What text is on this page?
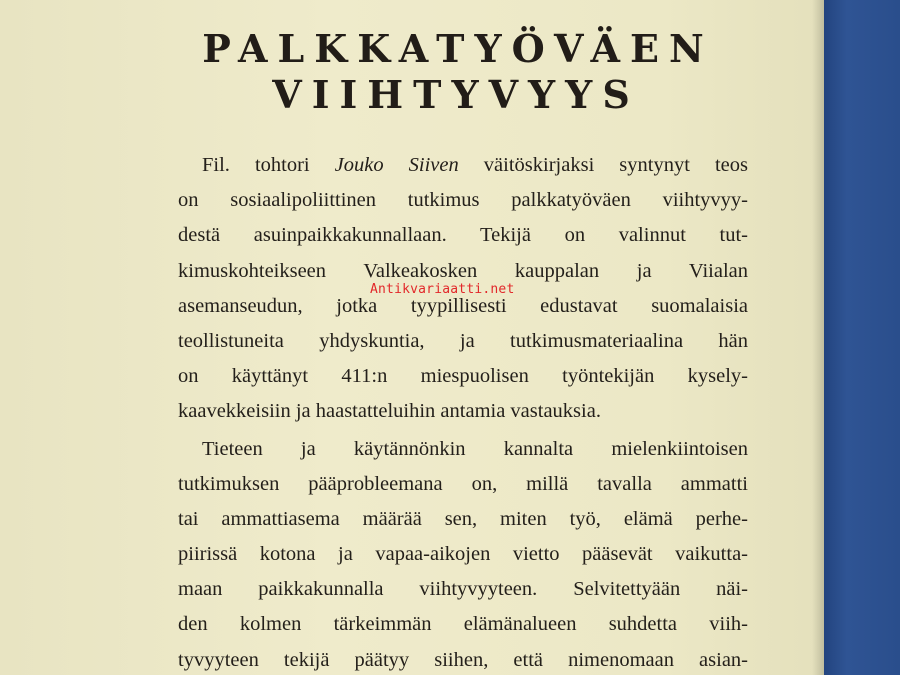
PALKKATYÖVÄEN
VIIHTYVYYS
Fil. tohtori Jouko Siiven väitöskirjaksi syntynyt teos
on sosiaalipoliittinen tutkimus palkkatyöväen viihtyvyy-
destä asuinpaikkakunnallaan. Tekijä on valinnut tut-
kimuskohteikseen Valkeakosken kauppalan ja Viialan
asemanseudun, jotka tyypillisesti edustavat suomalaisia
teollistuneita yhdyskuntia, ja tutkimusmateriaalina hän
on käyttänyt 411:n miespuolisen työntekijän kysely-
kaavekkeisiin ja haastatteluihin antamia vastauksia.
Tieteen ja käytännönkin kannalta mielenkiintoisen
tutkimuksen pääprobleemana on, millä tavalla ammatti
tai ammattiasema määrää sen, miten työ, elämä perhe-
piirissä kotona ja vapaa-aikojen vietto pääsevät vaikutta-
maan paikkakunnalla viihtyvyyteen. Selvitettyään näi-
den kolmen tärkeimmän elämänalueen suhdetta viih-
tyvyyteen tekijä päätyy siihen, että nimenomaan asian-
Antikvariaatti.net
